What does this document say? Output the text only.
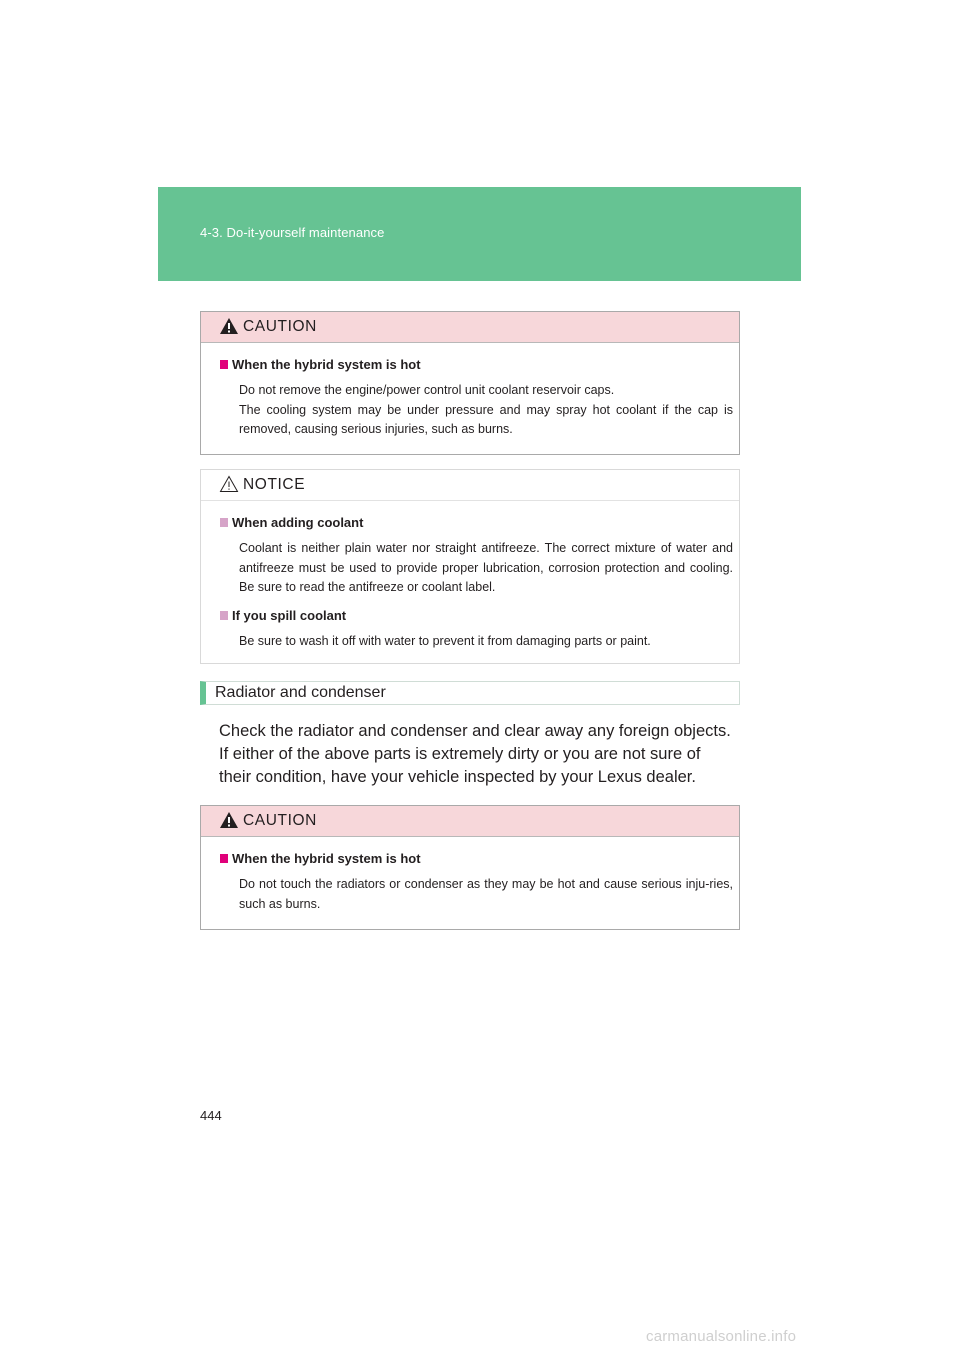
4-3. Do-it-yourself maintenance
CAUTION
When the hybrid system is hot
Do not remove the engine/power control unit coolant reservoir caps.
The cooling system may be under pressure and may spray hot coolant if the cap is removed, causing serious injuries, such as burns.
NOTICE
When adding coolant
Coolant is neither plain water nor straight antifreeze. The correct mixture of water and antifreeze must be used to provide proper lubrication, corrosion protection and cooling. Be sure to read the antifreeze or coolant label.
If you spill coolant
Be sure to wash it off with water to prevent it from damaging parts or paint.
Radiator and condenser
Check the radiator and condenser and clear away any foreign objects.
If either of the above parts is extremely dirty or you are not sure of their condition, have your vehicle inspected by your Lexus dealer.
CAUTION
When the hybrid system is hot
Do not touch the radiators or condenser as they may be hot and cause serious inju-ries, such as burns.
444
carmanualsonline.info
